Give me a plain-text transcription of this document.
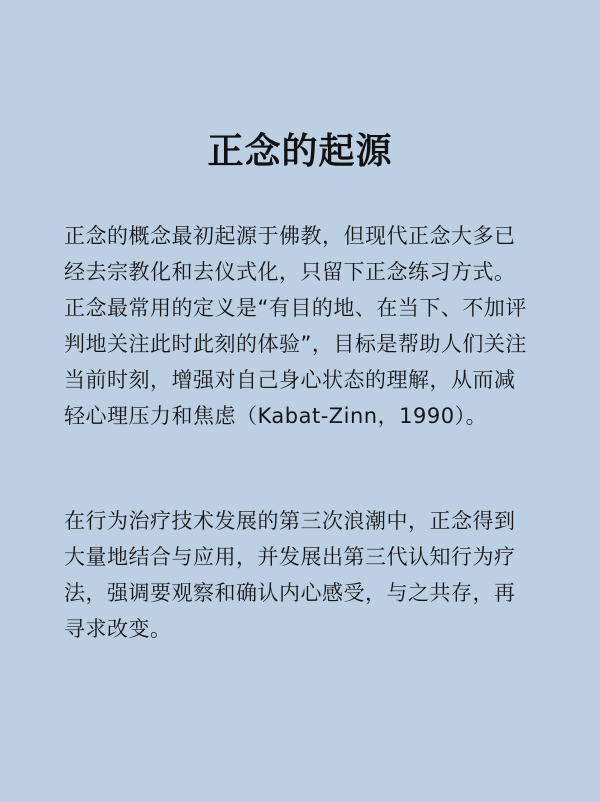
正念的起源
正念的概念最初起源于佛教，但现代正念大多已
经去宗教化和去仪式化，只留下正念练习方式。
正念最常用的定义是“有目的地、在当下、不加评
判地关注此时此刻的体验”，目标是帮助人们关注
当前时刻，增强对自己身心状态的理解，从而减
轻心理压力和焦虑（Kabat-Zinn，1990）。
在行为治疗技术发展的第三次浪潮中，正念得到
大量地结合与应用，并发展出第三代认知行为疗
法，强调要观察和确认内心感受，与之共存，再
寻求改变。
